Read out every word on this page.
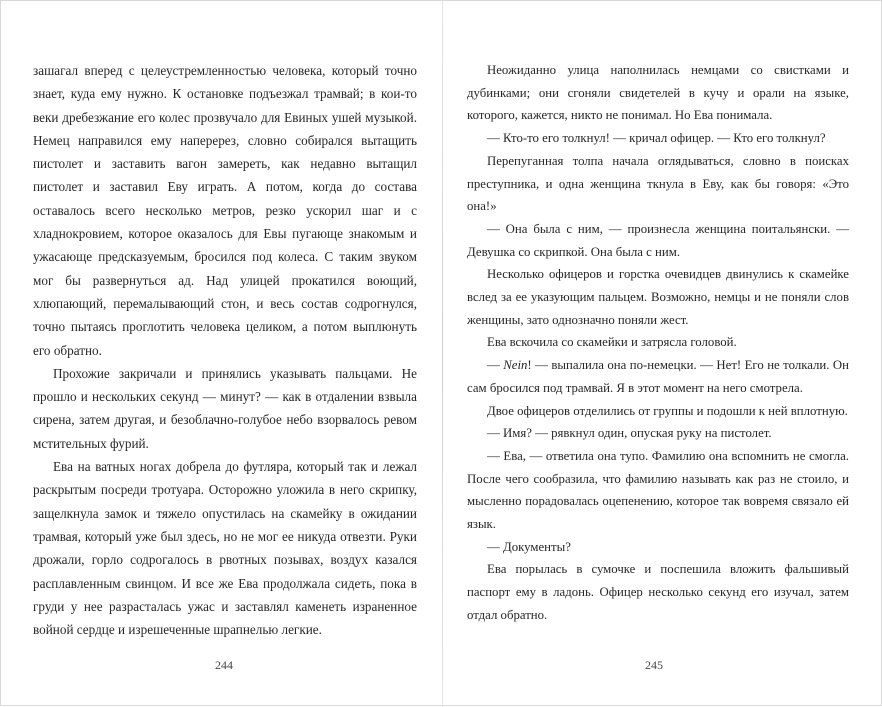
зашагал вперед с целеустремленностью человека, который точно знает, куда ему нужно. К остановке подъезжал трамвай; в кои-то веки дребезжание его колес прозвучало для Евиных ушей музыкой. Немец направился ему наперерез, словно собирался вытащить пистолет и заставить вагон замереть, как недавно вытащил пистолет и заставил Еву играть. А потом, когда до состава оставалось всего несколько метров, резко ускорил шаг и с хладнокровием, которое оказалось для Евы пугающе знакомым и ужасающе предсказуемым, бросился под колеса. С таким звуком мог бы развернуться ад. Над улицей прокатился воющий, хлюпающий, перемалывающий стон, и весь состав содрогнулся, точно пытаясь проглотить человека целиком, а потом выплюнуть его обратно.

Прохожие закричали и принялись указывать пальцами. Не прошло и нескольких секунд — минут? — как в отдалении взвыла сирена, затем другая, и безоблачно-голубое небо взорвалось ревом мстительных фурий.

Ева на ватных ногах добрела до футляра, который так и лежал раскрытым посреди тротуара. Осторожно уложила в него скрипку, защелкнула замок и тяжело опустилась на скамейку в ожидании трамвая, который уже был здесь, но не мог ее никуда отвезти. Руки дрожали, горло содрогалось в рвотных позывах, воздух казался расплавленным свинцом. И все же Ева продолжала сидеть, пока в груди у нее разрасталась ужас и заставлял каменеть израненное войной сердце и изрешеченные шрапнелью легкие.

244

Неожиданно улица наполнилась немцами со свистками и дубинками; они сгоняли свидетелей в кучу и орали на языке, которого, кажется, никто не понимал. Но Ева понимала.

— Кто-то его толкнул! — кричал офицер. — Кто его толкнул?

Перепуганная толпа начала оглядываться, словно в поисках преступника, и одна женщина ткнула в Еву, как бы говоря: «Это она!»

— Она была с ним, — произнесла женщина поитальянски. — Девушка со скрипкой. Она была с ним.

Несколько офицеров и горстка очевидцев двинулись к скамейке вслед за ее указующим пальцем. Возможно, немцы и не поняли слов женщины, зато однозначно поняли жест.

Ева вскочила со скамейки и затрясла головой.

— Nein! — выпалила она по-немецки. — Нет! Его не толкали. Он сам бросился под трамвай. Я в этот момент на него смотрела.

Двое офицеров отделились от группы и подошли к ней вплотную.

— Имя? — рявкнул один, опуская руку на пистолет.

— Ева, — ответила она тупо. Фамилию она вспомнить не смогла. После чего сообразила, что фамилию называть как раз не стоило, и мысленно порадовалась оцепенению, которое так вовремя связало ей язык.

— Документы?

Ева порылась в сумочке и поспешила вложить фальшивый паспорт ему в ладонь. Офицер несколько секунд его изучал, затем отдал обратно.

245
